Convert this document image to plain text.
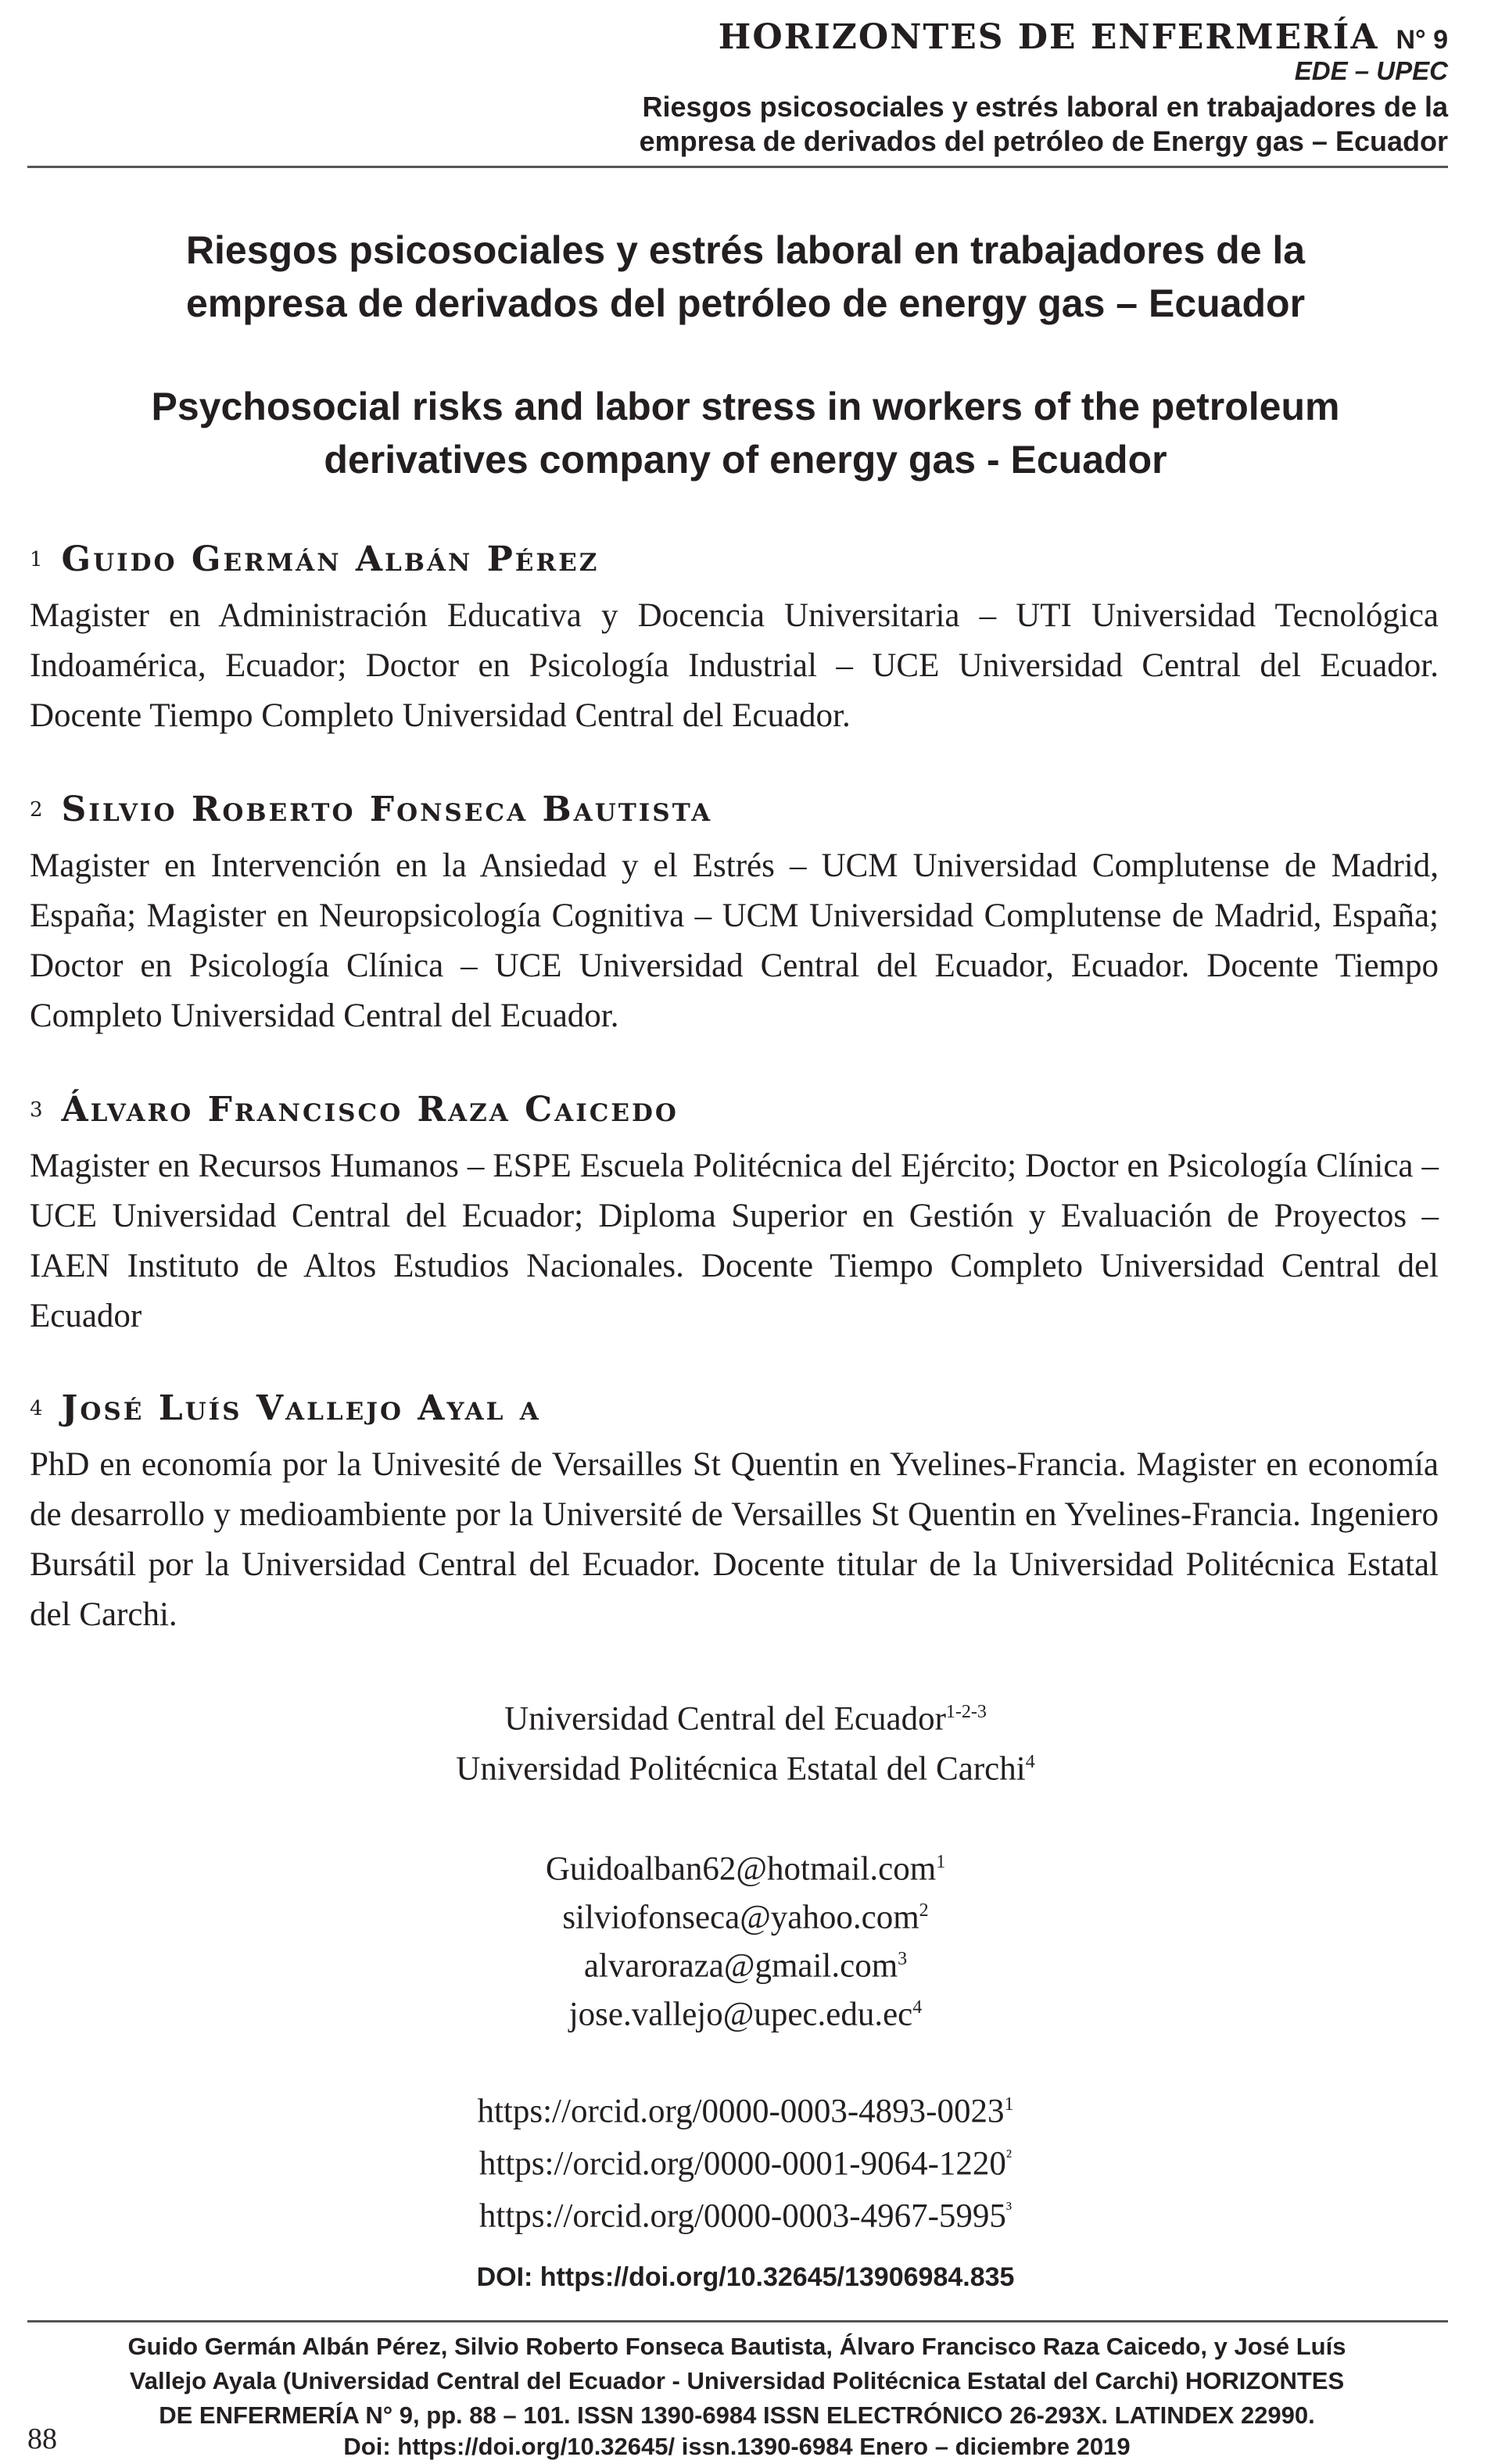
HORIZONTES DE ENFERMERÍA N° 9
EDE – UPEC
Riesgos psicosociales y estrés laboral en trabajadores de la
empresa de derivados del petróleo de Energy gas – Ecuador
Riesgos psicosociales y estrés laboral en trabajadores de la
empresa de derivados del petróleo de energy gas – Ecuador
Psychosocial risks and labor stress in workers of the petroleum
derivatives company of energy gas - Ecuador
1 Guido Germán Albán Pérez
Magister en Administración Educativa y Docencia Universitaria – UTI Universidad Tecnológica Indoamérica, Ecuador; Doctor en Psicología Industrial – UCE Universidad Central del Ecuador. Docente Tiempo Completo Universidad Central del Ecuador.
2 Silvio Roberto Fonseca Bautista
Magister en Intervención en la Ansiedad y el Estrés – UCM Universidad Complutense de Madrid, España; Magister en Neuropsicología Cognitiva – UCM Universidad Complutense de Madrid, España; Doctor en Psicología Clínica – UCE Universidad Central del Ecuador, Ecuador. Docente Tiempo Completo Universidad Central del Ecuador.
3 Álvaro Francisco Raza Caicedo
Magister en Recursos Humanos – ESPE Escuela Politécnica del Ejército; Doctor en Psicología Clínica – UCE Universidad Central del Ecuador; Diploma Superior en Gestión y Evaluación de Proyectos – IAEN Instituto de Altos Estudios Nacionales. Docente Tiempo Completo Universidad Central del Ecuador
4 José Luís Vallejo Ayal a
PhD en economía por la Univesité de Versailles St Quentin en Yvelines-Francia. Magister en economía de desarrollo y medioambiente por la Université de Versailles St Quentin en Yvelines-Francia. Ingeniero Bursátil por la Universidad Central del Ecuador. Docente titular de la Universidad Politécnica Estatal del Carchi.
Universidad Central del Ecuador$^{1-2-3}$
Universidad Politécnica Estatal del Carchi$^4$
Guidoalban62@hotmail.com$^1$
silviofonseca@yahoo.com$^2$
alvaroraza@gmail.com$^3$
$jose.vallejo@upec.edu.ec^4$
https://orcid.org/0000-0003-4893-0023$^1$
$https://orcid.org/0000-0001-9064-1220^{^2}$
$https://orcid.org/0000-0003-4967-5995^{^3}$
DOI: https://doi.org/10.32645/13906984.835
Guido Germán Albán Pérez, Silvio Roberto Fonseca Bautista, Álvaro Francisco Raza Caicedo, y José Luís
Vallejo Ayala (Universidad Central del Ecuador - Universidad Politécnica Estatal del Carchi) HORIZONTES
DE ENFERMERÍA N° 9, pp. 88 – 101. ISSN 1390-6984 ISSN ELECTRÓNICO 26-293X. LATINDEX 22990.
Doi: https://doi.org/10.32645/ issn.1390-6984 Enero – diciembre 2019
88
